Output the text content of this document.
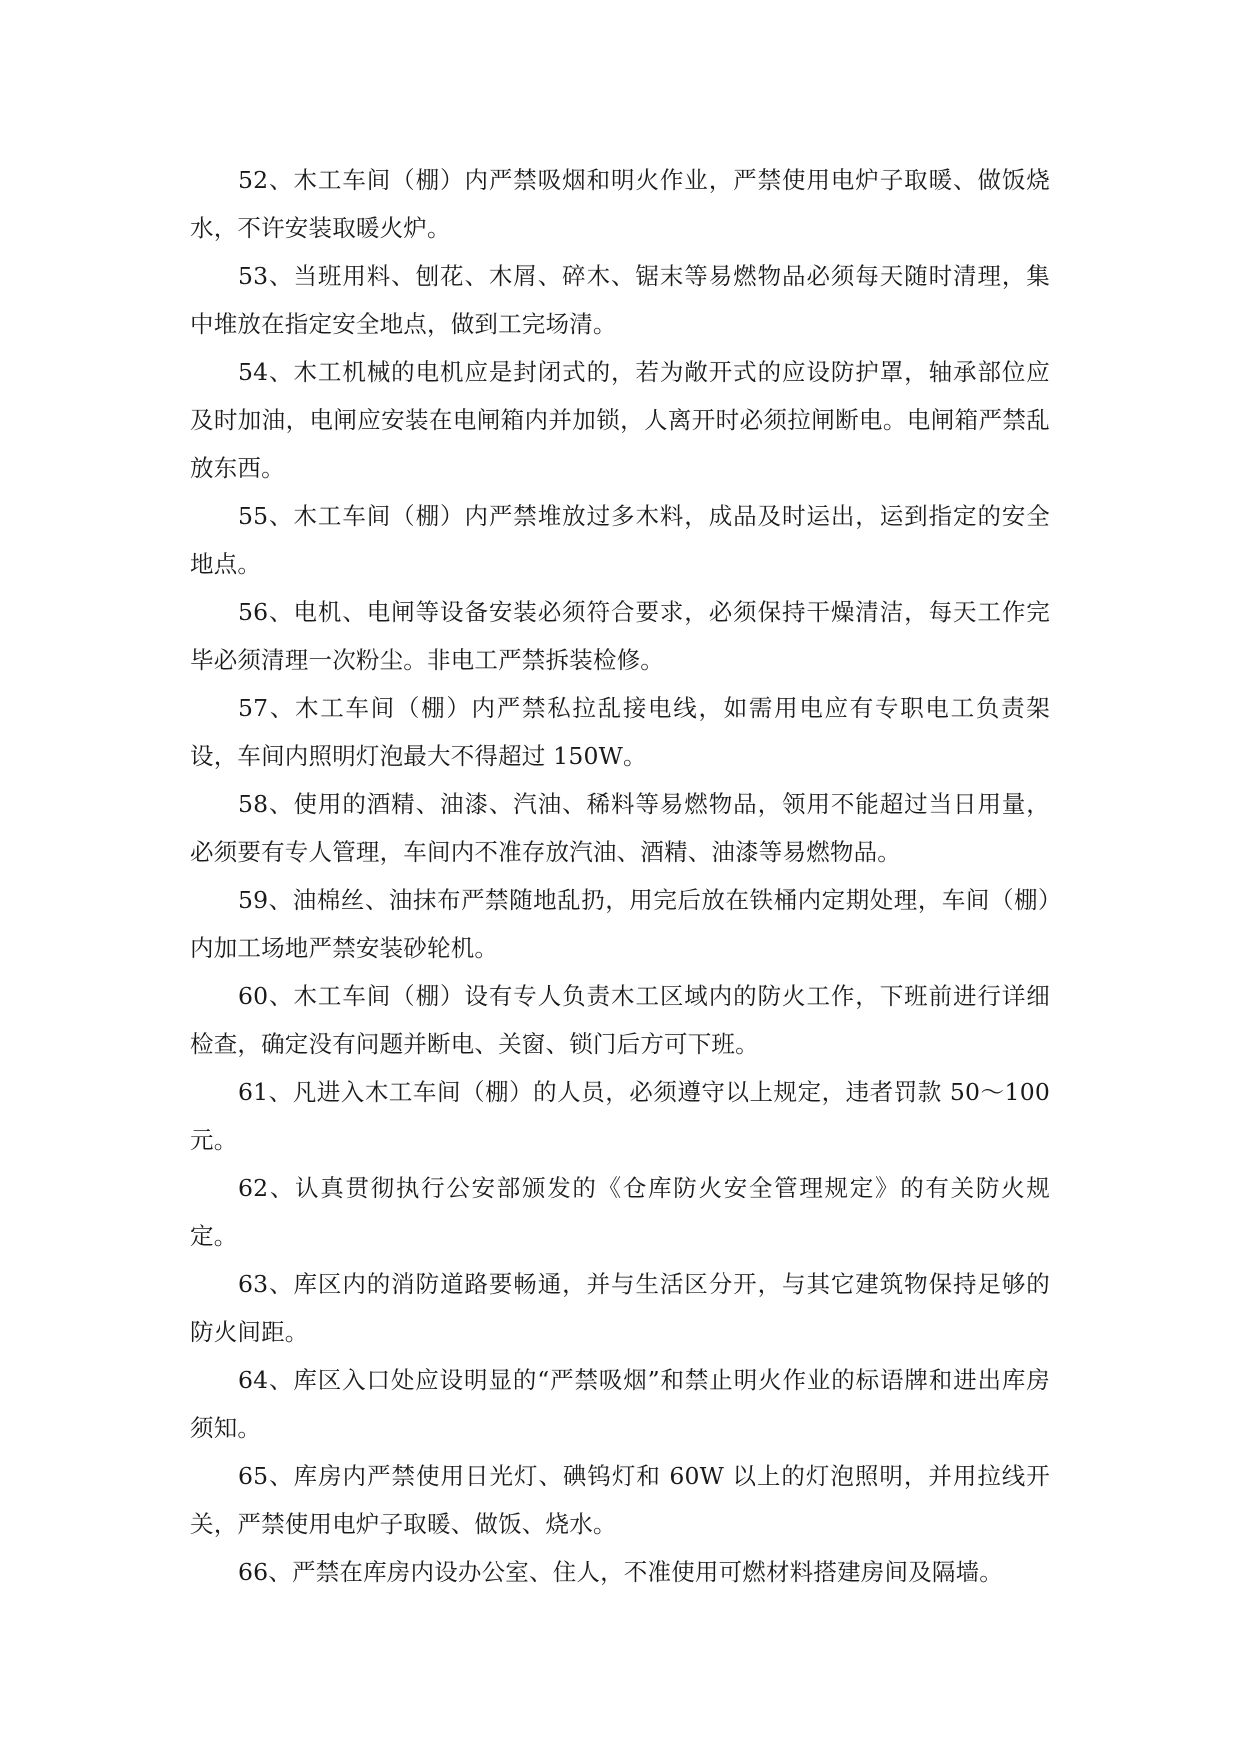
52、木工车间（棚）内严禁吸烟和明火作业，严禁使用电炉子取暖、做饭烧水，不许安装取暖火炉。

53、当班用料、刨花、木屑、碎木、锯末等易燃物品必须每天随时清理，集中堆放在指定安全地点，做到工完场清。

54、木工机械的电机应是封闭式的，若为敞开式的应设防护罩，轴承部位应及时加油，电闸应安装在电闸箱内并加锁，人离开时必须拉闸断电。电闸箱严禁乱放东西。

55、木工车间（棚）内严禁堆放过多木料，成品及时运出，运到指定的安全地点。

56、电机、电闸等设备安装必须符合要求，必须保持干燥清洁，每天工作完毕必须清理一次粉尘。非电工严禁拆装检修。

57、木工车间（棚）内严禁私拉乱接电线，如需用电应有专职电工负责架设，车间内照明灯泡最大不得超过 150W。

58、使用的酒精、油漆、汽油、稀料等易燃物品，领用不能超过当日用量，必须要有专人管理，车间内不准存放汽油、酒精、油漆等易燃物品。

59、油棉丝、油抹布严禁随地乱扔，用完后放在铁桶内定期处理，车间（棚）内加工场地严禁安装砂轮机。

60、木工车间（棚）设有专人负责木工区域内的防火工作，下班前进行详细检查，确定没有问题并断电、关窗、锁门后方可下班。

61、凡进入木工车间（棚）的人员，必须遵守以上规定，违者罚款 50～100元。

62、认真贯彻执行公安部颁发的《仓库防火安全管理规定》的有关防火规定。

63、库区内的消防道路要畅通，并与生活区分开，与其它建筑物保持足够的防火间距。

64、库区入口处应设明显的“严禁吸烟”和禁止明火作业的标语牌和进出库房须知。

65、库房内严禁使用日光灯、碘钨灯和 60W 以上的灯泡照明，并用拉线开关，严禁使用电炉子取暖、做饭、烧水。

66、严禁在库房内设办公室、住人，不准使用可燃材料搭建房间及隔墙。
